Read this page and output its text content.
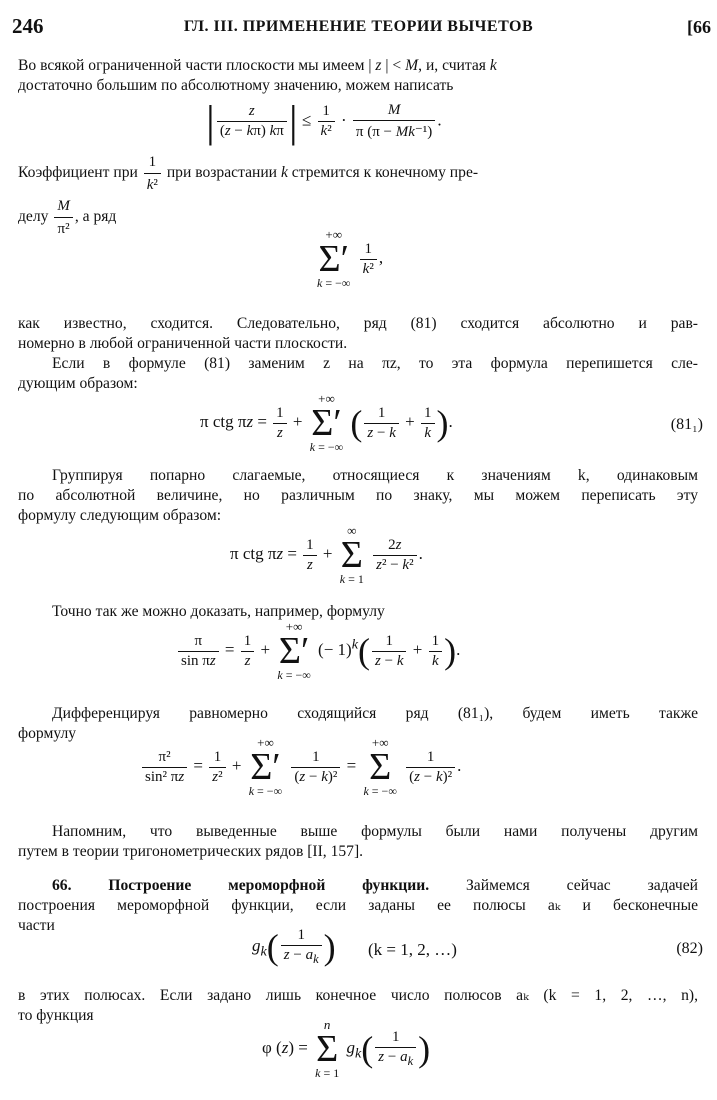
246	ГЛ. III. ПРИМЕНЕНИЕ ТЕОРИИ ВЫЧЕТОВ	[66
Во всякой ограниченной части плоскости мы имеем | z | < M, и, считая k
достаточно большим по абсолютному значению, можем написать
| $\frac{z}{(z - k\pi) k\pi}$ | ≤ $\frac{1}{\text{k²}} \cdot \frac{M}{\text{π (π − Mk⁻¹)}}$ .
Коэффициент при $\frac{1}{\text{k²}}$ при возрастании k стремится к конечному пре-
делу $\frac{M}{\text{π²}}$ , а ряд
+∞
Σ′
k = −∞

$\frac{1}{\text{k²}}$ ,
как известно, сходится. Следовательно, ряд (81) сходится абсолютно и рав-
номерно в любой ограниченной части плоскости.
Если в формуле (81) заменим z на πz, то эта формула перепишется сле-
дующим образом:
π ctg $\pi z = \frac{1}{z}$ +
+∞
Σ′
k = −∞
( $\frac{1}{z - k} + \frac{1}{k}$ ).	(81₁)
Группируя попарно слагаемые, относящиеся к значениям k, одинаковым
по абсолютной величине, но различным по знаку, мы можем переписать эту
формулу следующим образом:
π ctg $\pi z = \frac{1}{z}$ +
∞
Σ
k = 1

$\frac{2z}{\text{z² − k²}}$ .
Точно так же можно доказать, например, формулу
$\frac{\pi}{\text{sin πz}} = \frac{1}{z}$ +
+∞
Σ′
k = −∞
(− $1)^k( \frac{1}{z - k} + \frac{1}{k}$ ).
Дифференцируя равномерно сходящийся ряд (81₁), будем иметь также
формулу
$\frac{\text{π²}}{\text{sin² πz}} = \frac{1}{\text{z²}}$ +
+∞
Σ′
k = −∞

$\frac{1}{\text{(z − k)²}}$ =
+∞
Σ
k = −∞

$\frac{1}{\text{(z − k)²}}$ .
Напомним, что выведенные выше формулы были нами получены другим
путем в теории тригонометрических рядов [II, 157].
66. Построение мероморфной функции. Займемся сейчас задачей
построения мероморфной функции, если заданы ее полюсы aₖ и бесконечные
части
$g_k( \frac{1}{z - a_k}$ ) (k = 1, 2, …)	(82)
в этих полюсах. Если задано лишь конечное число полюсов aₖ (k = 1, 2, …, n),
то функция
φ (z) =
n
Σ
k = 1
$g_k( \frac{1}{z - a_k}$ )
